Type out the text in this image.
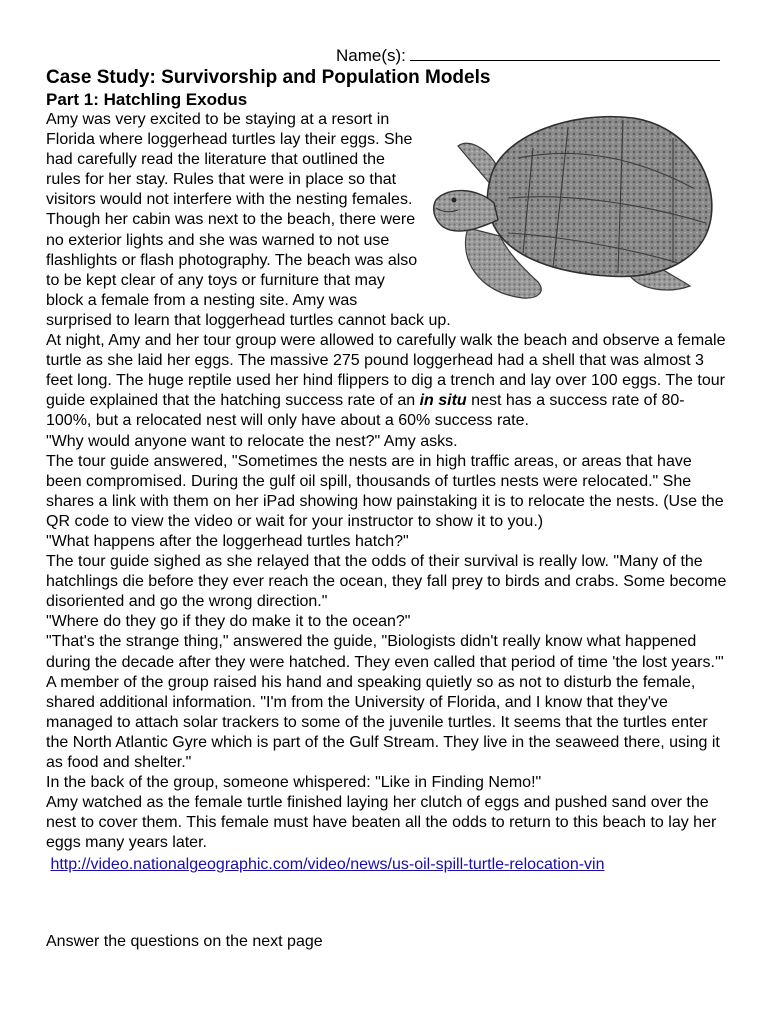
Name(s):
Case Study: Survivorship and Population Models
Part 1: Hatchling Exodus

Amy was very excited to be staying at a resort in Florida where loggerhead turtles lay their eggs. She had carefully read the literature that outlined the rules for her stay. Rules that were in place so that visitors would not interfere with the nesting females. Though her cabin was next to the beach, there were no exterior lights and she was warned to not use flashlights or flash photography. The beach was also to be kept clear of any toys or furniture that may block a female from a nesting site. Amy was surprised to learn that loggerhead turtles cannot back up.

At night, Amy and her tour group were allowed to carefully walk the beach and observe a female turtle as she laid her eggs. The massive 275 pound loggerhead had a shell that was almost 3 feet long. The huge reptile used her hind flippers to dig a trench and lay over 100 eggs. The tour guide explained that the hatching success rate of an in situ nest has a success rate of 80-100%, but a relocated nest will only have about a 60% success rate.

"Why would anyone want to relocate the nest?" Amy asks.

The tour guide answered, "Sometimes the nests are in high traffic areas, or areas that have been compromised. During the gulf oil spill, thousands of turtles nests were relocated." She shares a link with them on her iPad showing how painstaking it is to relocate the nests. (Use the QR code to view the video or wait for your instructor to show it to you.)

"What happens after the loggerhead turtles hatch?"

The tour guide sighed as she relayed that the odds of their survival is really low. "Many of the hatchlings die before they ever reach the ocean, they fall prey to birds and crabs. Some become disoriented and go the wrong direction."

"Where do they go if they do make it to the ocean?"

"That's the strange thing," answered the guide, "Biologists didn't really know what happened during the decade after they were hatched. They even called that period of time 'the lost years.'"

A member of the group raised his hand and speaking quietly so as not to disturb the female, shared additional information. "I'm from the University of Florida, and I know that they've managed to attach solar trackers to some of the juvenile turtles. It seems that the turtles enter the North Atlantic Gyre which is part of the Gulf Stream. They live in the seaweed there, using it as food and shelter."

In the back of the group, someone whispered: "Like in Finding Nemo!"

Amy watched as the female turtle finished laying her clutch of eggs and pushed sand over the nest to cover them. This female must have beaten all the odds to return to this beach to lay her eggs many years later.

http://video.nationalgeographic.com/video/news/us-oil-spill-turtle-relocation-vin

Answer the questions on the next page
